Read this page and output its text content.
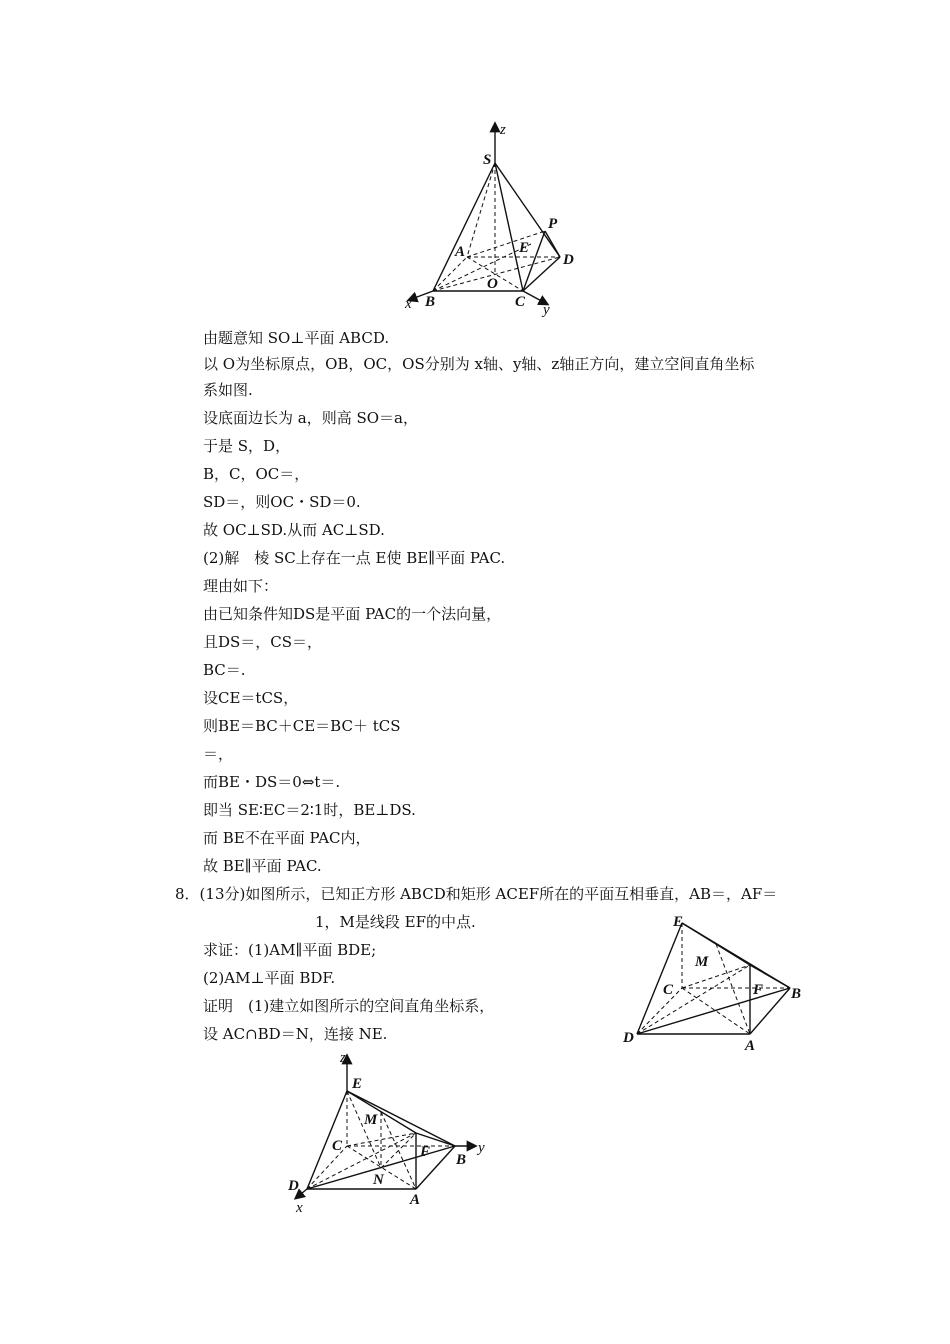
z
S
P
A	E
D
O
x B	C y
由题意知 SO⊥平面 ABCD.
以 O为坐标原点，OB，OC，OS分别为 x轴、y轴、z轴正方向，建立空间直角坐标
系如图.
设底面边长为 a，则高 SO＝a，
于是 S，D，
B，C，OC＝，
SD＝，则OC・SD＝0.
故 OC⊥SD.从而 AC⊥SD.
(2)解　棱 SC上存在一点 E使 BE∥平面 PAC.
理由如下：
由已知条件知DS是平面 PAC的一个法向量，
且DS＝，CS＝，
BC＝.
设CE＝tCS，
则BE＝BC＋CE＝BC＋ tCS
＝，
而BE・DS＝0⇔t＝.
即当 SE∶EC＝2∶1时，BE⊥DS.
而 BE不在平面 PAC内，
故 BE∥平面 PAC.
8．(13分)如图所示，已知正方形 ABCD和矩形 ACEF所在的平面互相垂直，AB＝，AF＝
1，M是线段 EF的中点.
求证：(1)AM∥平面 BDE;
(2)AM⊥平面 BDF.
证明　(1)建立如图所示的空间直角坐标系，
设 AC∩BD＝N，连接 NE.
E
M
C	F B
D	A
z
E
M
C	F	y
B
D	N
A
x
